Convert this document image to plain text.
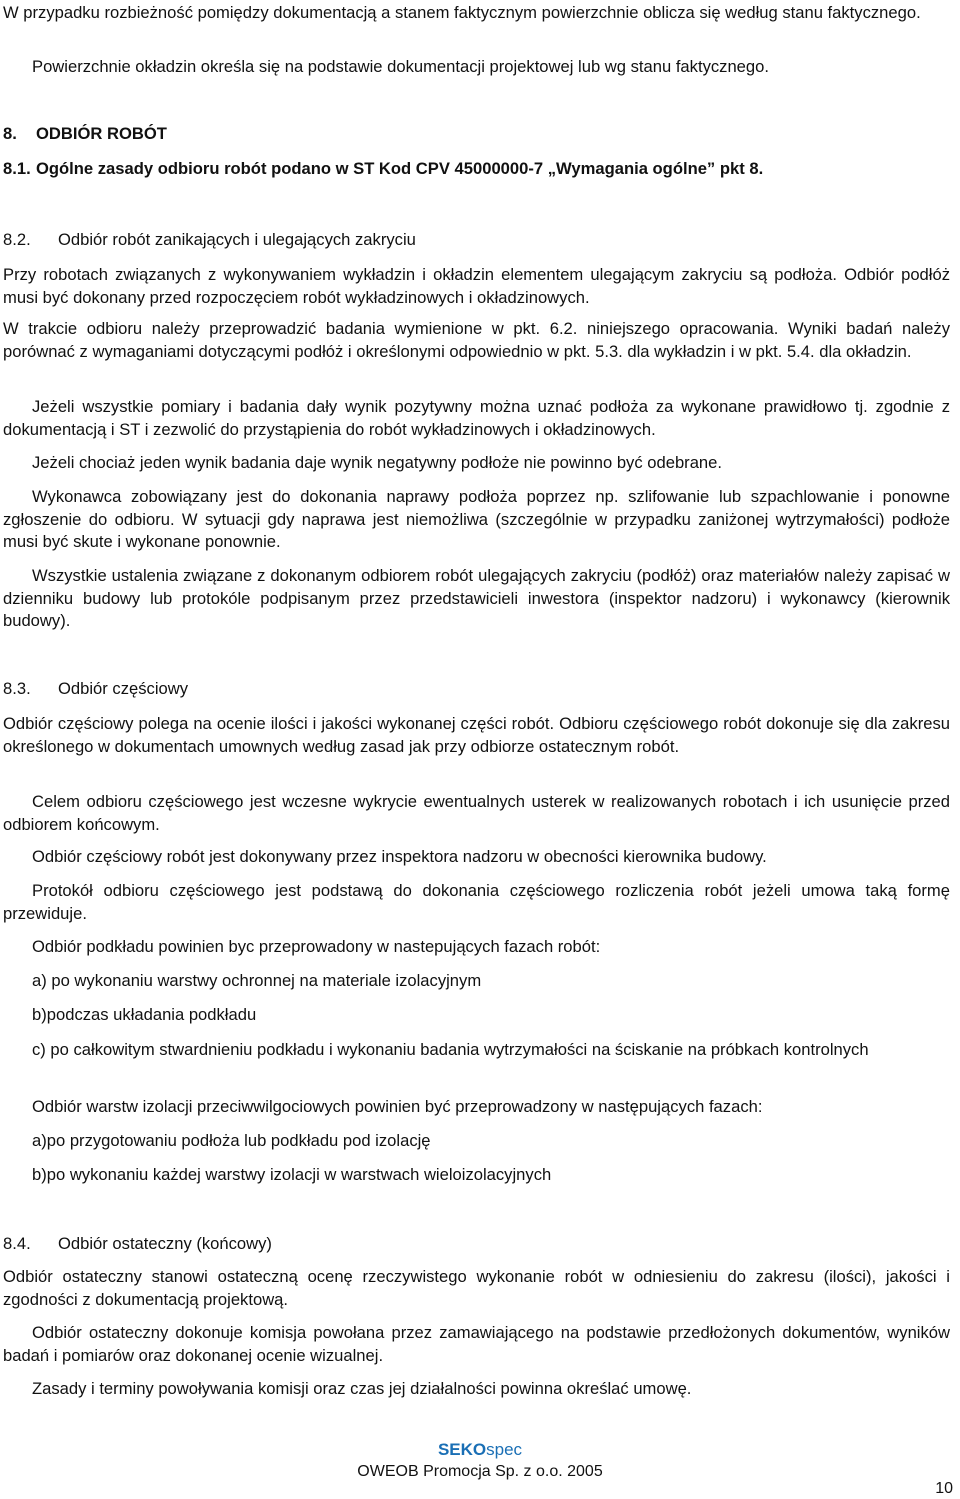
W przypadku rozbieżność pomiędzy dokumentacją a stanem faktycznym powierzchnie oblicza się według stanu faktycznego.

Powierzchnie okładzin określa się na podstawie dokumentacji projektowej lub wg stanu faktycznego.

8. ODBIÓR ROBÓT
8.1. Ogólne zasady odbioru robót podano w ST Kod CPV 45000000-7 „Wymagania ogólne” pkt 8.
8.2. Odbiór robót zanikających i ulegających zakryciu

Przy robotach związanych z wykonywaniem wykładzin i okładzin elementem ulegającym zakryciu są podłoża. Odbiór podłóż musi być dokonany przed rozpoczęciem robót wykładzinowych i okładzinowych.

W trakcie odbioru należy przeprowadzić badania wymienione w pkt. 6.2. niniejszego opracowania. Wyniki badań należy porównać z wymaganiami dotyczącymi podłóż i określonymi odpowiednio w pkt. 5.3. dla wykładzin i w pkt. 5.4. dla okładzin.

Jeżeli wszystkie pomiary i badania dały wynik pozytywny można uznać podłoża za wykonane prawidłowo tj. zgodnie z dokumentacją i ST i zezwolić do przystąpienia do robót wykładzinowych i okładzinowych.

Jeżeli chociaż jeden wynik badania daje wynik negatywny podłoże nie powinno być odebrane.

Wykonawca zobowiązany jest do dokonania naprawy podłoża poprzez np. szlifowanie lub szpachlowanie i ponowne zgłoszenie do odbioru. W sytuacji gdy naprawa jest niemożliwa (szczególnie w przypadku zaniżonej wytrzymałości) podłoże musi być skute i wykonane ponownie.

Wszystkie ustalenia związane z dokonanym odbiorem robót ulegających zakryciu (podłóż) oraz materiałów należy zapisać w dzienniku budowy lub protokóle podpisanym przez przedstawicieli inwestora (inspektor nadzoru) i wykonawcy (kierownik budowy).

8.3. Odbiór częściowy

Odbiór częściowy polega na ocenie ilości i jakości wykonanej części robót. Odbioru częściowego robót dokonuje się dla zakresu określonego w dokumentach umownych według zasad jak przy odbiorze ostatecznym robót.

Celem odbioru częściowego jest wczesne wykrycie ewentualnych usterek w realizowanych robotach i ich usunięcie przed odbiorem końcowym.

Odbiór częściowy robót jest dokonywany przez inspektora nadzoru w obecności kierownika budowy.

Protokół odbioru częściowego jest podstawą do dokonania częściowego rozliczenia robót jeżeli umowa taką formę przewiduje.

Odbiór podkładu powinien byc przeprowadony w nastepujących fazach robót:

a) po wykonaniu warstwy ochronnej na materiale izolacyjnym

b)podczas układania podkładu

c) po całkowitym stwardnieniu podkładu i wykonaniu badania wytrzymałości na ściskanie na próbkach kontrolnych

Odbiór warstw izolacji przeciwwilgociowych powinien być przeprowadzony w następujących fazach:

a)po przygotowaniu podłoża lub podkładu pod izolację

b)po wykonaniu każdej warstwy izolacji w warstwach wieloizolacyjnych

8.4. Odbiór ostateczny (końcowy)

Odbiór ostateczny stanowi ostateczną ocenę rzeczywistego wykonanie robót w odniesieniu do zakresu (ilości), jakości i zgodności z dokumentacją projektową.

Odbiór ostateczny dokonuje komisja powołana przez zamawiającego na podstawie przedłożonych dokumentów, wyników badań i pomiarów oraz dokonanej ocenie wizualnej.

Zasady i terminy powoływania komisji oraz czas jej działalności powinna określać umowę.

SEKOspec
OWEOB Promocja Sp. z o.o. 2005
10
